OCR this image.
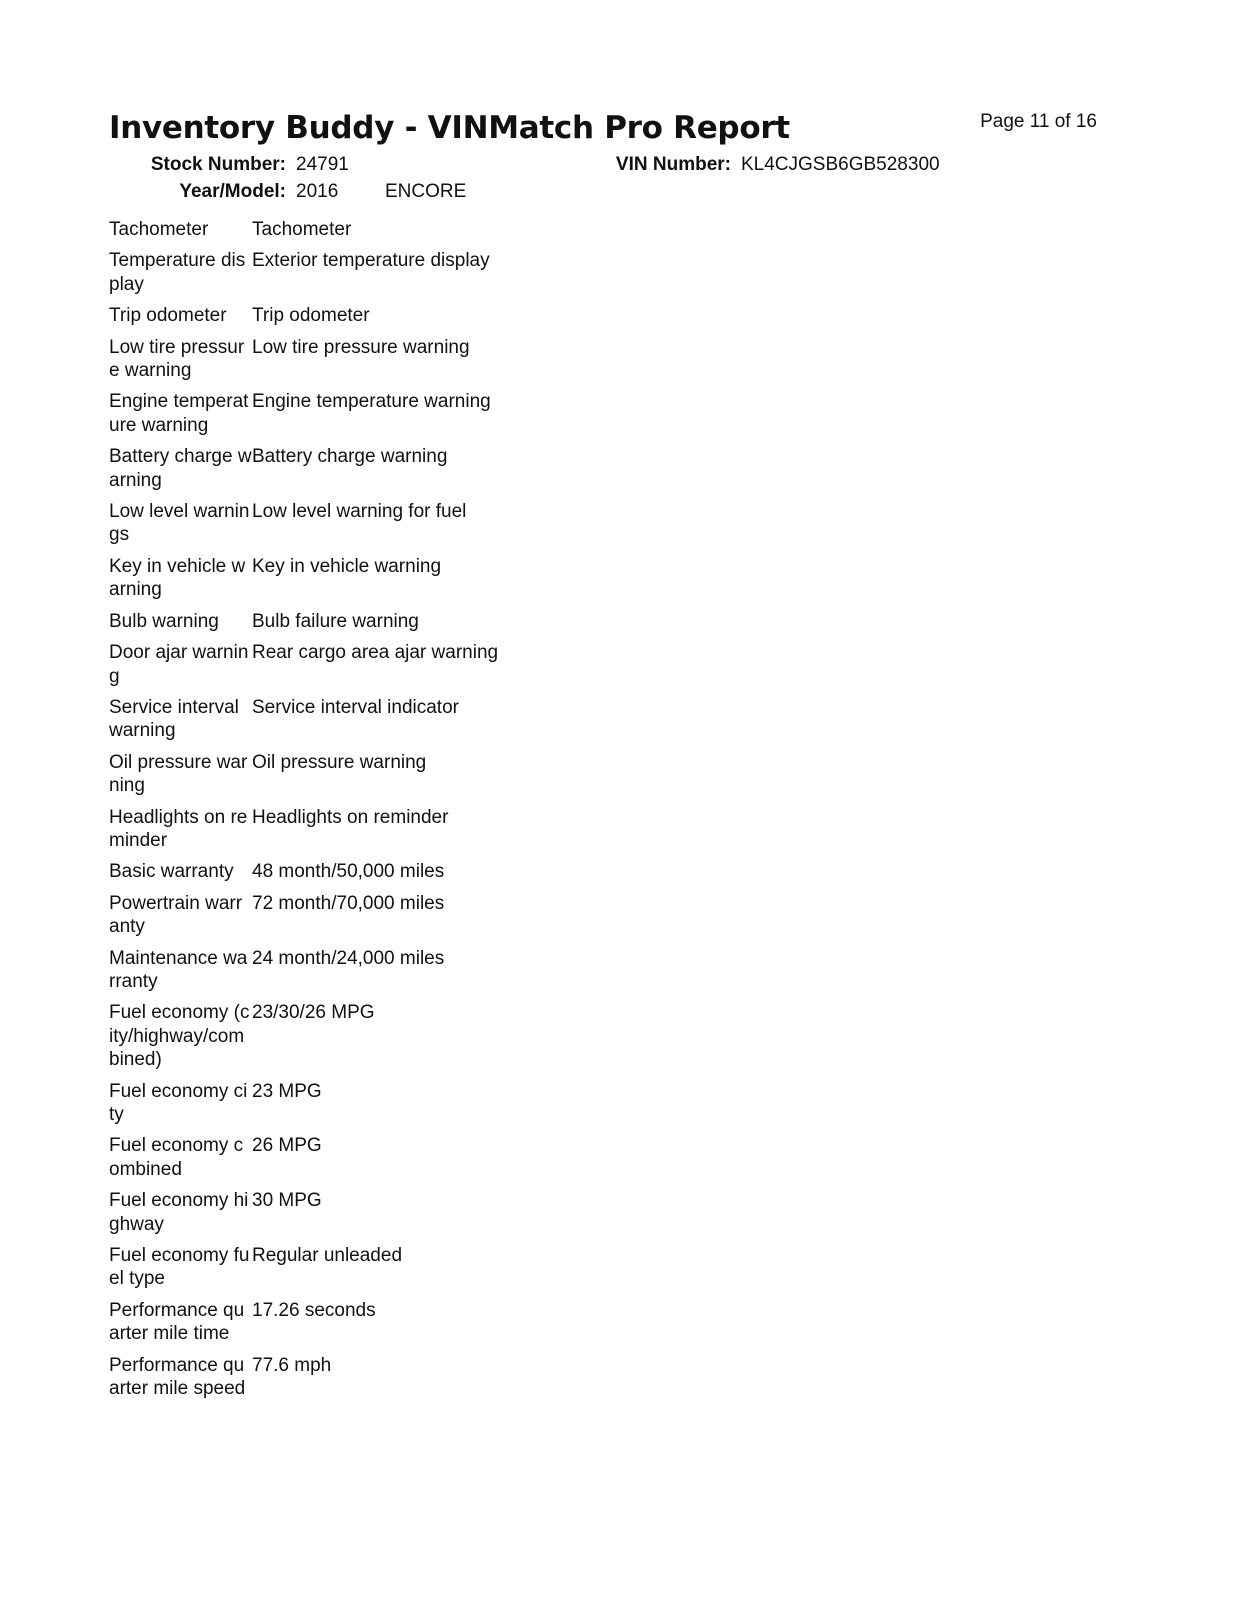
Inventory Buddy - VINMatch Pro Report	Page 11 of 16
Stock Number: 24791
Year/Model: 2016 ENCORE
VIN Number: KL4CJGSB6GB528300
Tachometer	Tachometer
Temperature display	Exterior temperature display
Trip odometer	Trip odometer
Low tire pressure warning	Low tire pressure warning
Engine temperature warning	Engine temperature warning
Battery charge warning	Battery charge warning
Low level warnings	Low level warning for fuel
Key in vehicle warning	Key in vehicle warning
Bulb warning	Bulb failure warning
Door ajar warning	Rear cargo area ajar warning
Service interval warning	Service interval indicator
Oil pressure warning	Oil pressure warning
Headlights on reminder	Headlights on reminder
Basic warranty	48 month/50,000 miles
Powertrain warranty	72 month/70,000 miles
Maintenance warranty	24 month/24,000 miles
Fuel economy (city/highway/combined)	23/30/26 MPG
Fuel economy city	23 MPG
Fuel economy combined	26 MPG
Fuel economy highway	30 MPG
Fuel economy fuel type	Regular unleaded
Performance quarter mile time	17.26 seconds
Performance quarter mile speed	77.6 mph
